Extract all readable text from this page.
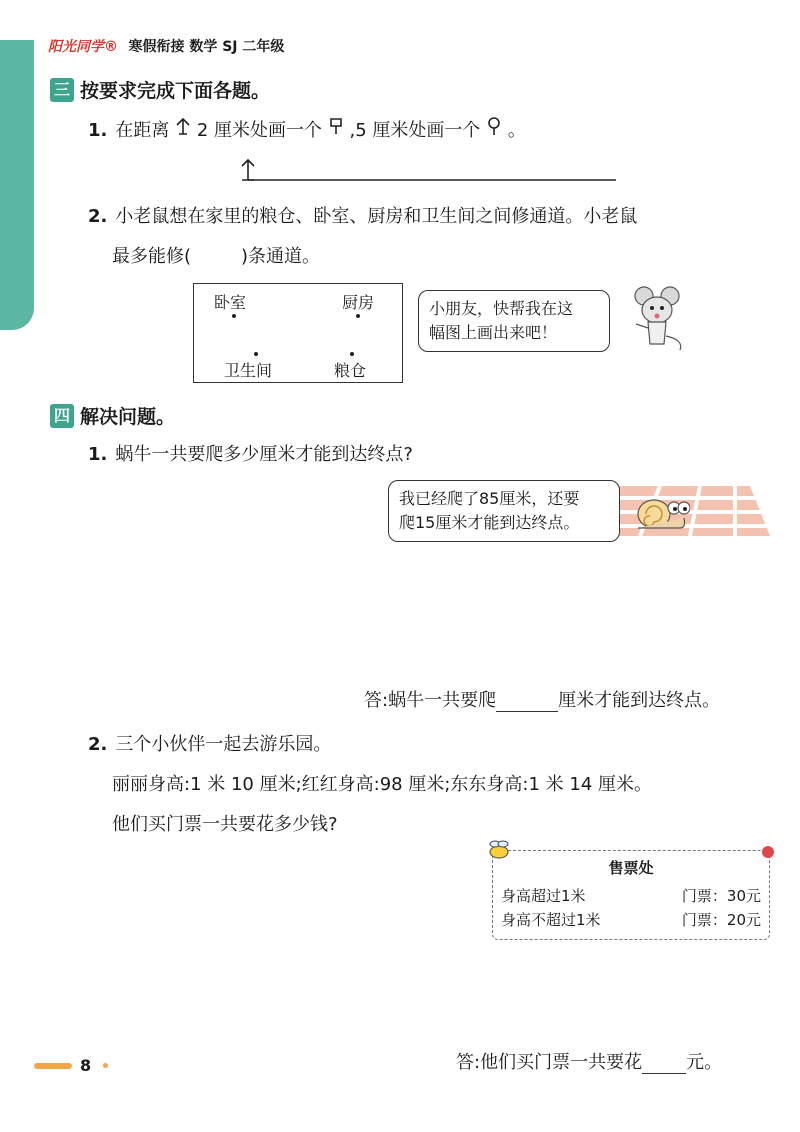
阳光同学® 寒假衔接 数学 SJ 二年级
三 按要求完成下面各题。
1. 在距离 2 厘米处画一个 ,5 厘米处画一个 。
2. 小老鼠想在家里的粮仓、卧室、厨房和卫生间之间修通道。小老鼠
最多能修(	)条通道。
卧室	厨房
卫生间	粮仓
小朋友，快帮我在这
幅图上画出来吧！
四 解决问题。
1. 蜗牛一共要爬多少厘米才能到达终点?
我已经爬了85厘米，还要
爬15厘米才能到达终点。
答:蜗牛一共要爬	厘米才能到达终点。
2. 三个小伙伴一起去游乐园。
丽丽身高:1 米 10 厘米;红红身高:98 厘米;东东身高:1 米 14 厘米。
他们买门票一共要花多少钱?
售票处
身高超过1米	门票：30元
身高不超过1米	门票：20元
答:他们买门票一共要花 元。
8
